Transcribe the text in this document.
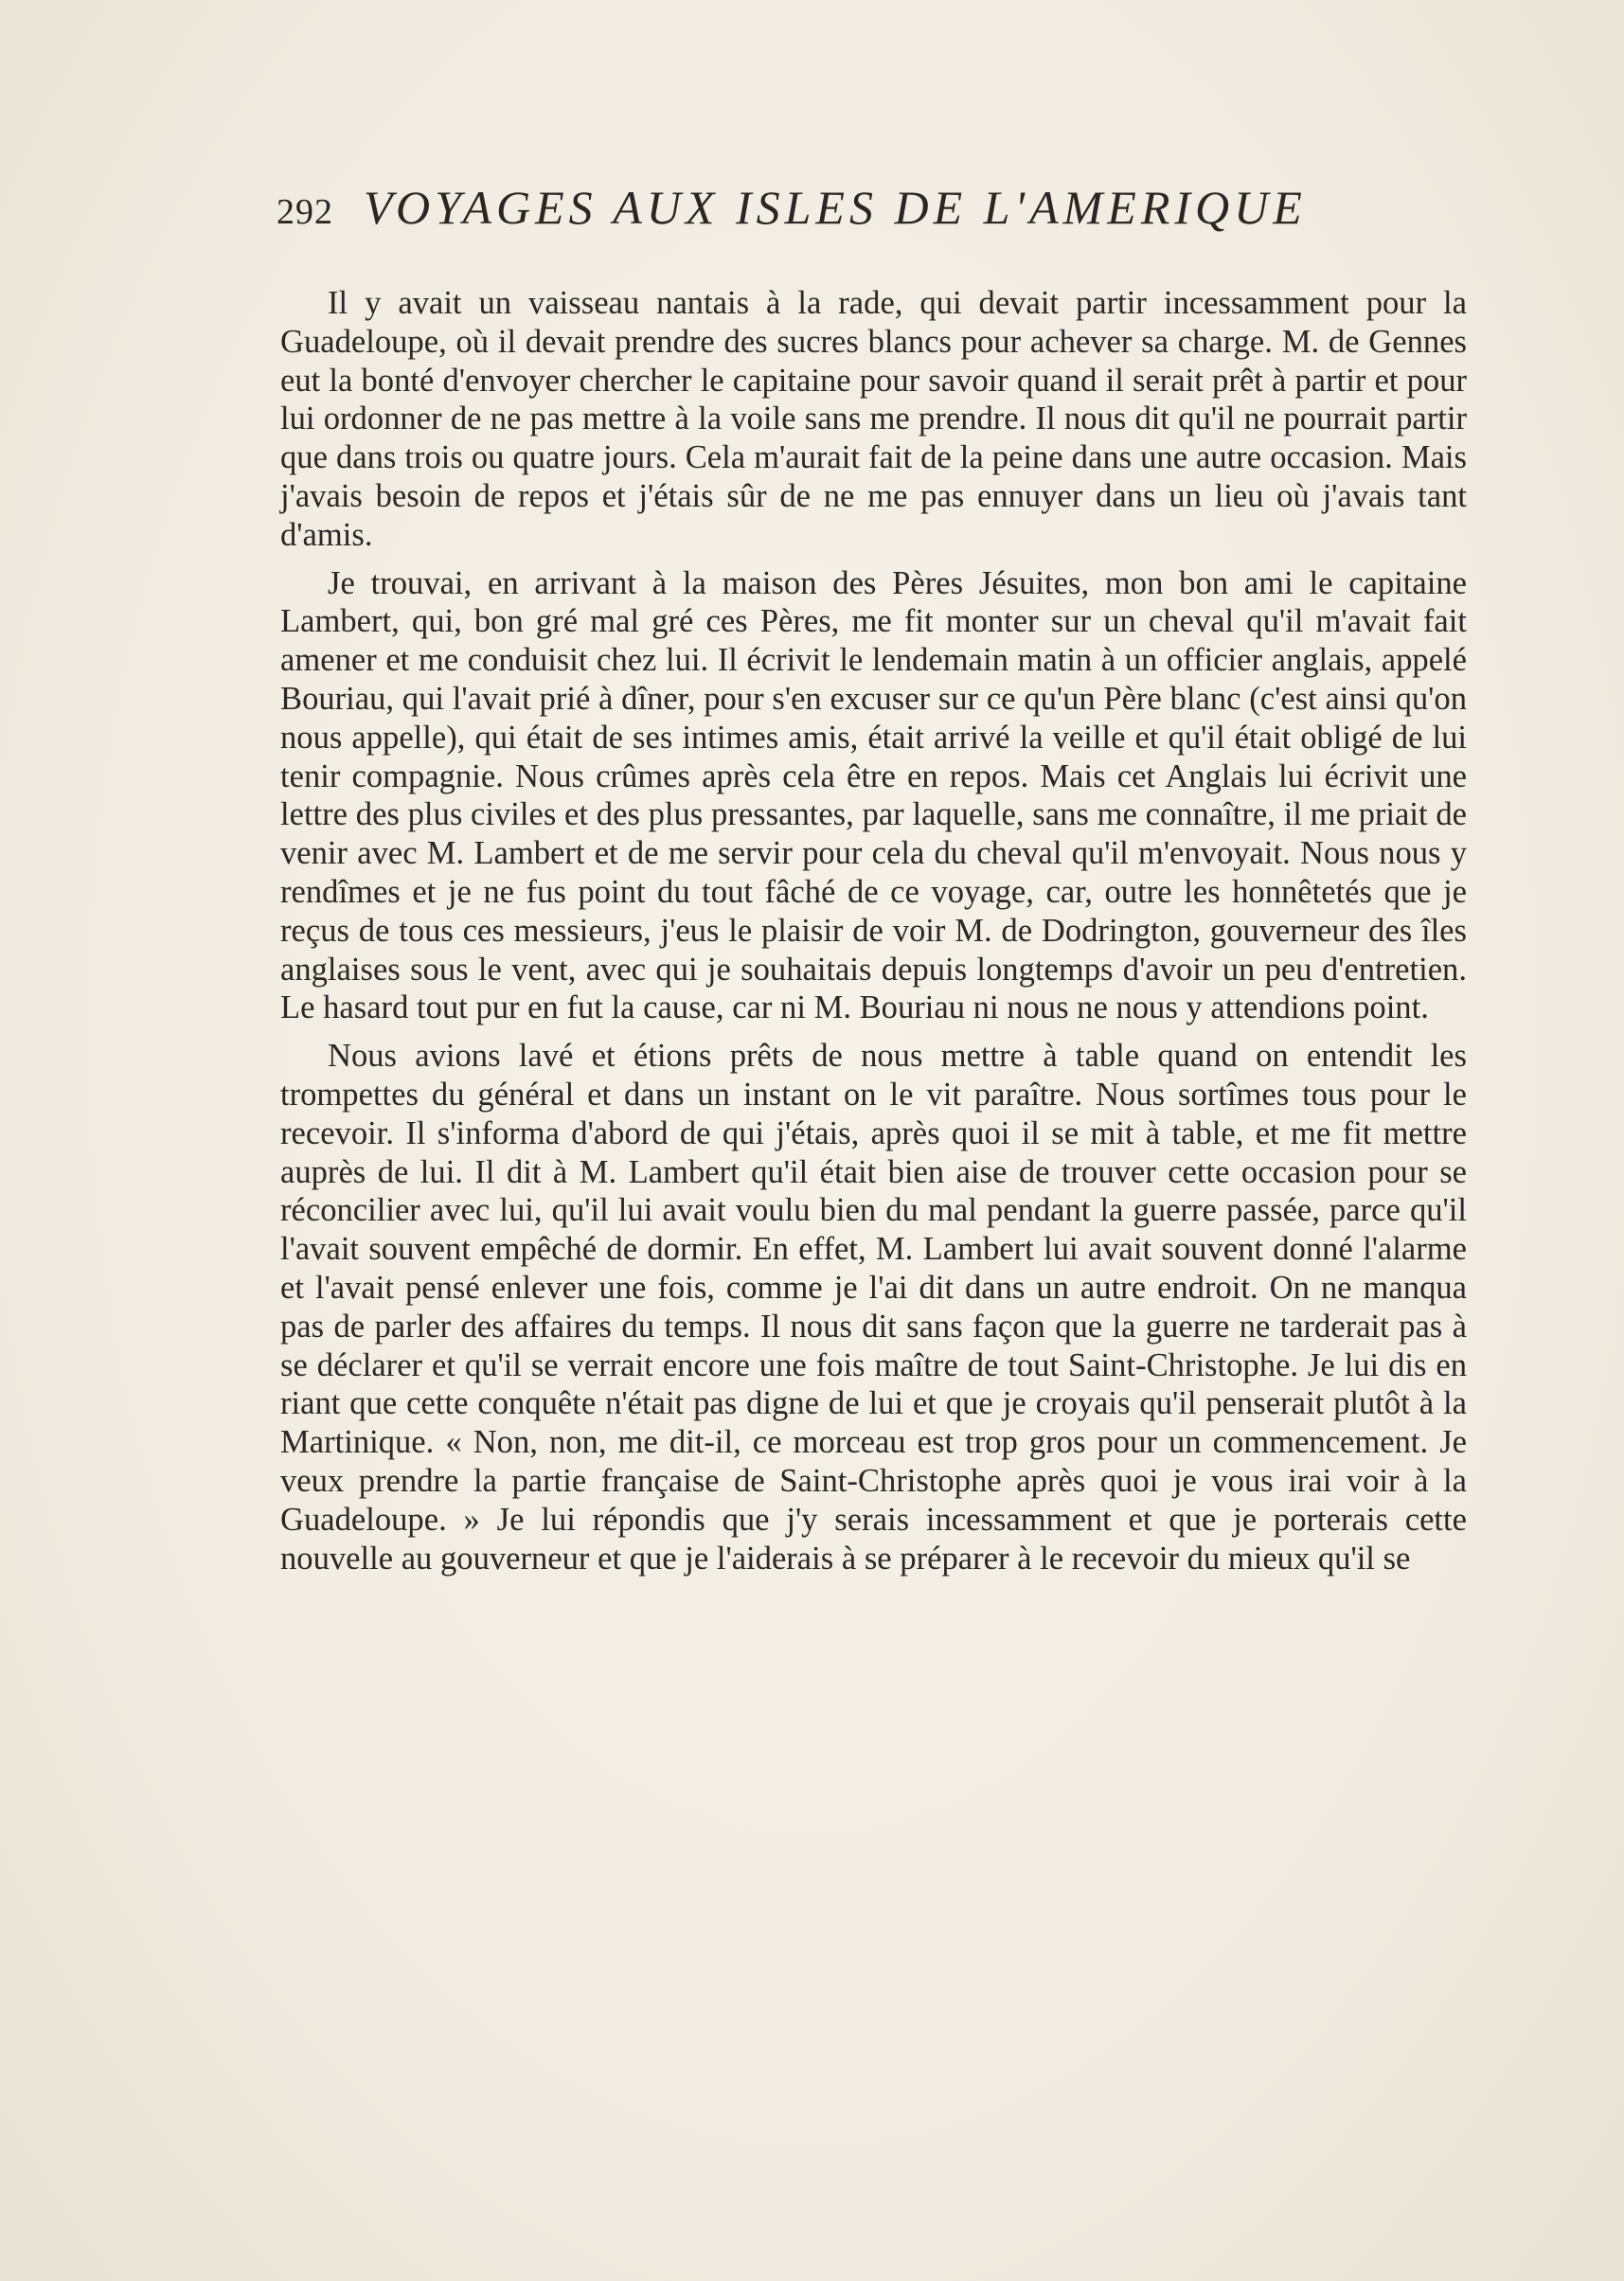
292 VOYAGES AUX ISLES DE L'AMERIQUE

Il y avait un vaisseau nantais à la rade, qui devait partir incessamment pour la Guadeloupe, où il devait prendre des sucres blancs pour achever sa charge. M. de Gennes eut la bonté d'envoyer chercher le capitaine pour savoir quand il serait prêt à partir et pour lui ordonner de ne pas mettre à la voile sans me prendre. Il nous dit qu'il ne pourrait partir que dans trois ou quatre jours. Cela m'aurait fait de la peine dans une autre occasion. Mais j'avais besoin de repos et j'étais sûr de ne me pas ennuyer dans un lieu où j'avais tant d'amis.

Je trouvai, en arrivant à la maison des Pères Jésuites, mon bon ami le capitaine Lambert, qui, bon gré mal gré ces Pères, me fit monter sur un cheval qu'il m'avait fait amener et me conduisit chez lui. Il écrivit le lendemain matin à un officier anglais, appelé Bouriau, qui l'avait prié à dîner, pour s'en excuser sur ce qu'un Père blanc (c'est ainsi qu'on nous appelle), qui était de ses intimes amis, était arrivé la veille et qu'il était obligé de lui tenir compagnie. Nous crûmes après cela être en repos. Mais cet Anglais lui écrivit une lettre des plus civiles et des plus pressantes, par laquelle, sans me connaître, il me priait de venir avec M. Lambert et de me servir pour cela du cheval qu'il m'envoyait. Nous nous y rendîmes et je ne fus point du tout fâché de ce voyage, car, outre les honnêtetés que je reçus de tous ces messieurs, j'eus le plaisir de voir M. de Dodrington, gouverneur des îles anglaises sous le vent, avec qui je souhaitais depuis longtemps d'avoir un peu d'entretien. Le hasard tout pur en fut la cause, car ni M. Bouriau ni nous ne nous y attendions point.

Nous avions lavé et étions prêts de nous mettre à table quand on entendit les trompettes du général et dans un instant on le vit paraître. Nous sortîmes tous pour le recevoir. Il s'informa d'abord de qui j'étais, après quoi il se mit à table, et me fit mettre auprès de lui. Il dit à M. Lambert qu'il était bien aise de trouver cette occasion pour se réconcilier avec lui, qu'il lui avait voulu bien du mal pendant la guerre passée, parce qu'il l'avait souvent empêché de dormir. En effet, M. Lambert lui avait souvent donné l'alarme et l'avait pensé enlever une fois, comme je l'ai dit dans un autre endroit. On ne manqua pas de parler des affaires du temps. Il nous dit sans façon que la guerre ne tarderait pas à se déclarer et qu'il se verrait encore une fois maître de tout Saint-Christophe. Je lui dis en riant que cette conquête n'était pas digne de lui et que je croyais qu'il penserait plutôt à la Martinique. « Non, non, me dit-il, ce morceau est trop gros pour un commencement. Je veux prendre la partie française de Saint-Christophe après quoi je vous irai voir à la Guadeloupe. » Je lui répondis que j'y serais incessamment et que je porterais cette nouvelle au gouverneur et que je l'aiderais à se préparer à le recevoir du mieux qu'il se
